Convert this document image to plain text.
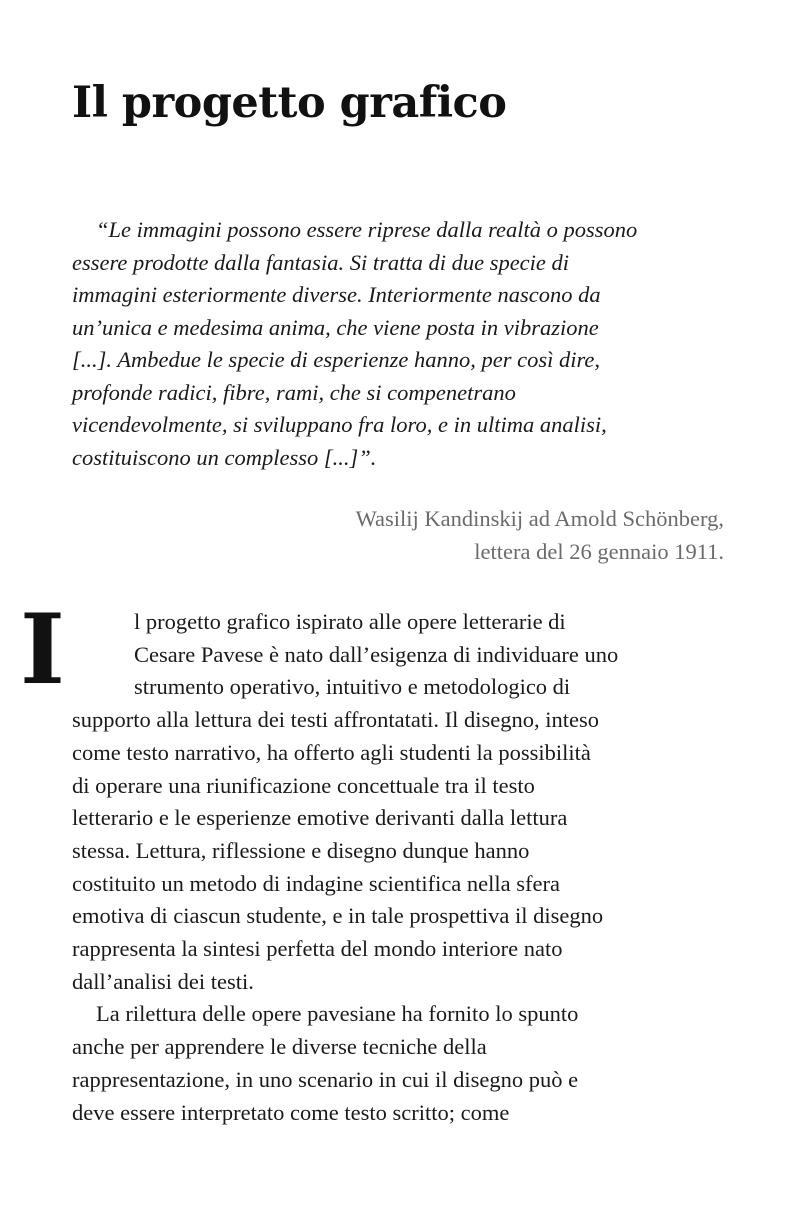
Il progetto grafico
“Le immagini possono essere riprese dalla realtà o possono
essere prodotte dalla fantasia. Si tratta di due specie di
immagini esteriormente diverse. Interiormente nascono da
un’unica e medesima anima, che viene posta in vibrazione
[...]. Ambedue le specie di esperienze hanno, per così dire,
profonde radici, fibre, rami, che si compenetrano
vicendevolmente, si sviluppano fra loro, e in ultima analisi,
costituiscono un complesso [...]”.
Wasilij Kandinskij ad Amold Schönberg,
lettera del 26 gennaio 1911.
I	l progetto grafico ispirato alle opere letterarie di
Cesare Pavese è nato dall’esigenza di individuare uno
strumento operativo, intuitivo e metodologico di
supporto alla lettura dei testi affrontatati. Il disegno, inteso
come testo narrativo, ha offerto agli studenti la possibilità
di operare una riunificazione concettuale tra il testo
letterario e le esperienze emotive derivanti dalla lettura
stessa. Lettura, riflessione e disegno dunque hanno
costituito un metodo di indagine scientifica nella sfera
emotiva di ciascun studente, e in tale prospettiva il disegno
rappresenta la sintesi perfetta del mondo interiore nato
dall’analisi dei testi.
La rilettura delle opere pavesiane ha fornito lo spunto
anche per apprendere le diverse tecniche della
rappresentazione, in uno scenario in cui il disegno può e
deve essere interpretato come testo scritto; come
